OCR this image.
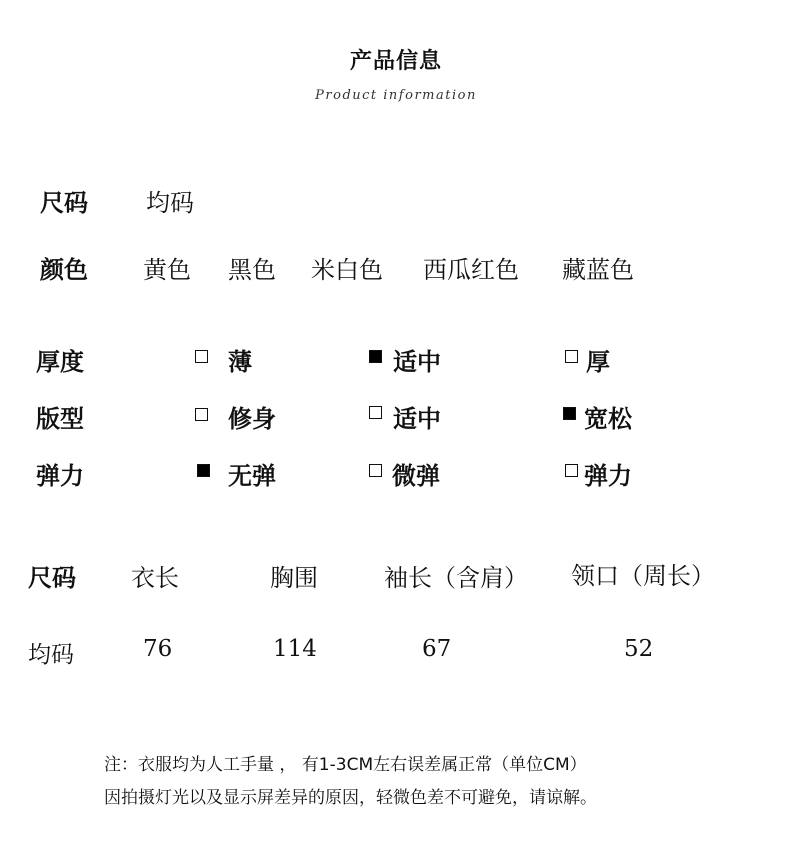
产品信息
Product information
尺码 均码
颜色 黄色 黑色 米白色 西瓜红色 藏蓝色
厚度	薄	适中	厚
版型	修身	适中	宽松
弹力	无弹	微弹	弹力
尺码 衣长	胸围	袖长（含肩） 领口（周长）
均码	76	114	67	52
注：衣服均为人工手量 ， 有1-3CM左右误差属正常（单位CM）
因拍摄灯光以及显示屏差异的原因，轻微色差不可避免，请谅解。
